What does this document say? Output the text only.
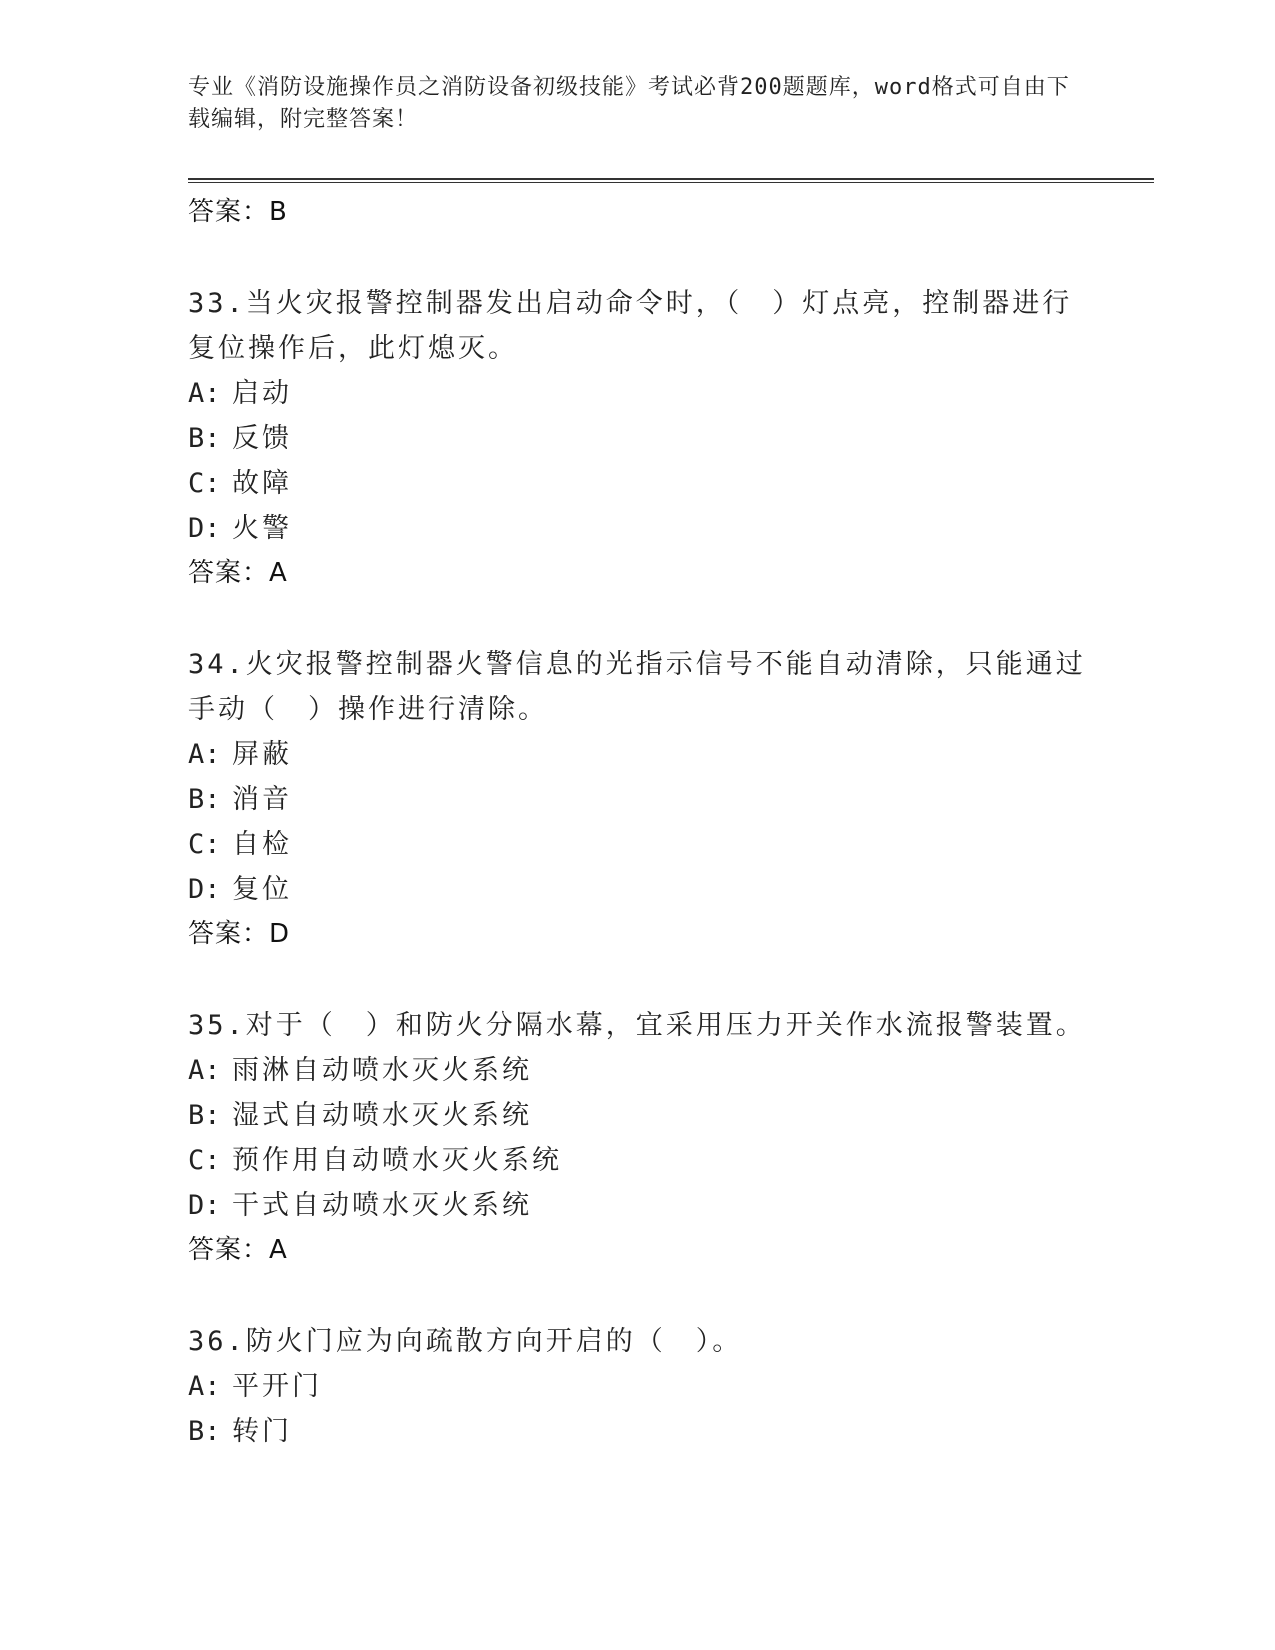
专业《消防设施操作员之消防设备初级技能》考试必背200题题库，word格式可自由下载编辑，附完整答案！
答案：B
33.当火灾报警控制器发出启动命令时，（　）灯点亮，控制器进行复位操作后，此灯熄灭。
A: 启动
B: 反馈
C: 故障
D: 火警
答案：A
34.火灾报警控制器火警信息的光指示信号不能自动清除，只能通过手动（　）操作进行清除。
A: 屏蔽
B: 消音
C: 自检
D: 复位
答案：D
35.对于（　）和防火分隔水幕，宜采用压力开关作水流报警装置。
A: 雨淋自动喷水灭火系统
B: 湿式自动喷水灭火系统
C: 预作用自动喷水灭火系统
D: 干式自动喷水灭火系统
答案：A
36.防火门应为向疏散方向开启的（　）。
A: 平开门
B: 转门
